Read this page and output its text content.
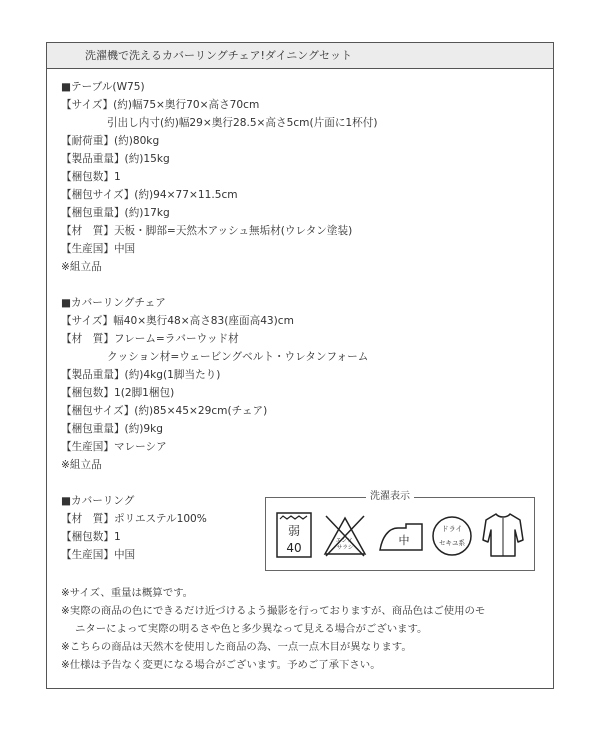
洗濯機で洗えるカバーリングチェア!ダイニングセット
■テーブル(W75)
【サイズ】(約)幅75×奥行70×高さ70cm
引出し内寸(約)幅29×奥行28.5×高さ5cm(片面に1杯付)
【耐荷重】(約)80kg
【製品重量】(約)15kg
【梱包数】1
【梱包サイズ】(約)94×77×11.5cm
【梱包重量】(約)17kg
【材　質】天板・脚部=天然木アッシュ無垢材(ウレタン塗装)
【生産国】中国
※組立品
■カバーリングチェア
【サイズ】幅40×奥行48×高さ83(座面高43)cm
【材　質】フレーム=ラバーウッド材
クッション材=ウェービングベルト・ウレタンフォーム
【製品重量】(約)4kg(1脚当たり)
【梱包数】1(2脚1梱包)
【梱包サイズ】(約)85×45×29cm(チェア)
【梱包重量】(約)9kg
【生産国】マレーシア
※組立品
■カバーリング
【材　質】ポリエステル100%
【梱包数】1
【生産国】中国
洗濯表示
弱
40	エンソ サラシ
中
ドライ
セキユ系
※サイズ、重量は概算です。
※実際の商品の色にできるだけ近づけるよう撮影を行っておりますが、商品色はご使用のモ
ニターによって実際の明るさや色と多少異なって見える場合がございます。
※こちらの商品は天然木を使用した商品の為、一点一点木目が異なります。
※仕様は予告なく変更になる場合がございます。予めご了承下さい。
